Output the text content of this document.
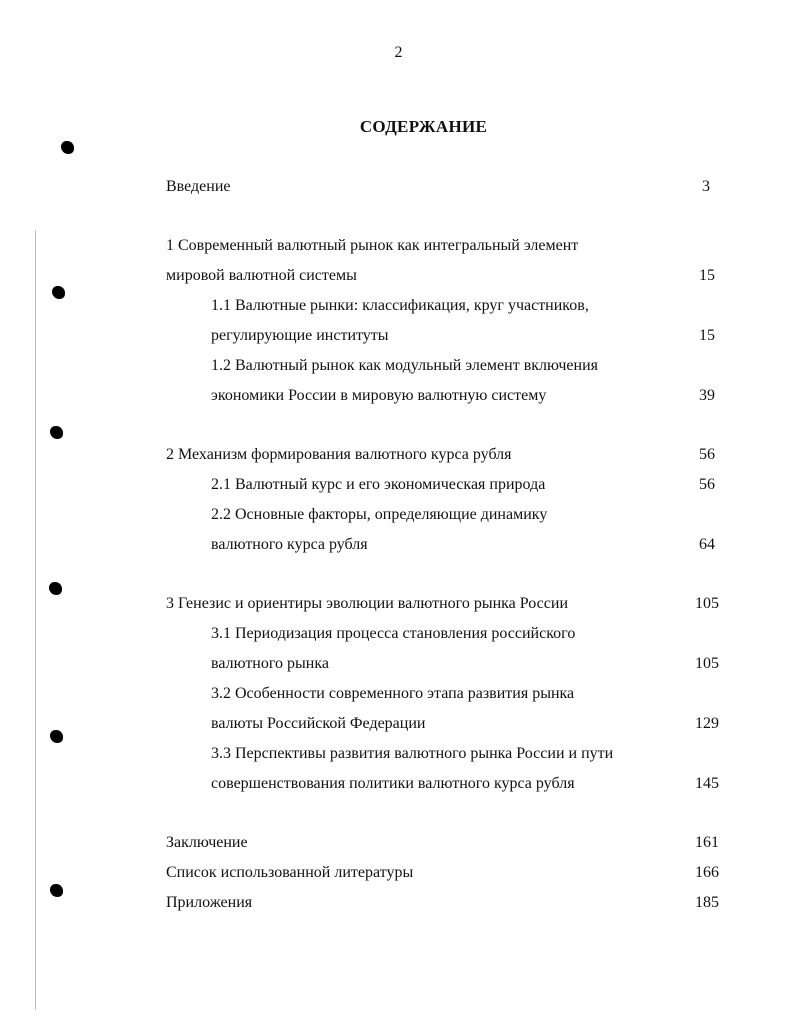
2
СОДЕРЖАНИЕ
Введение	3
1 Современный валютный рынок как интегральный элемент
мировой валютной системы	15
1.1 Валютные рынки: классификация, круг участников,
регулирующие институты	15
1.2 Валютный рынок как модульный элемент включения
экономики России в мировую валютную систему	39
2 Механизм формирования валютного курса рубля	56
2.1 Валютный курс и его экономическая природа	56
2.2 Основные факторы, определяющие динамику
валютного курса рубля	64
3 Генезис и ориентиры эволюции валютного рынка России	105
3.1 Периодизация процесса становления российского
валютного рынка	105
3.2 Особенности современного этапа развития рынка
валюты Российской Федерации	129
3.3 Перспективы развития валютного рынка России и пути
совершенствования политики валютного курса рубля	145
Заключение	161
Список использованной литературы	166
Приложения	185
